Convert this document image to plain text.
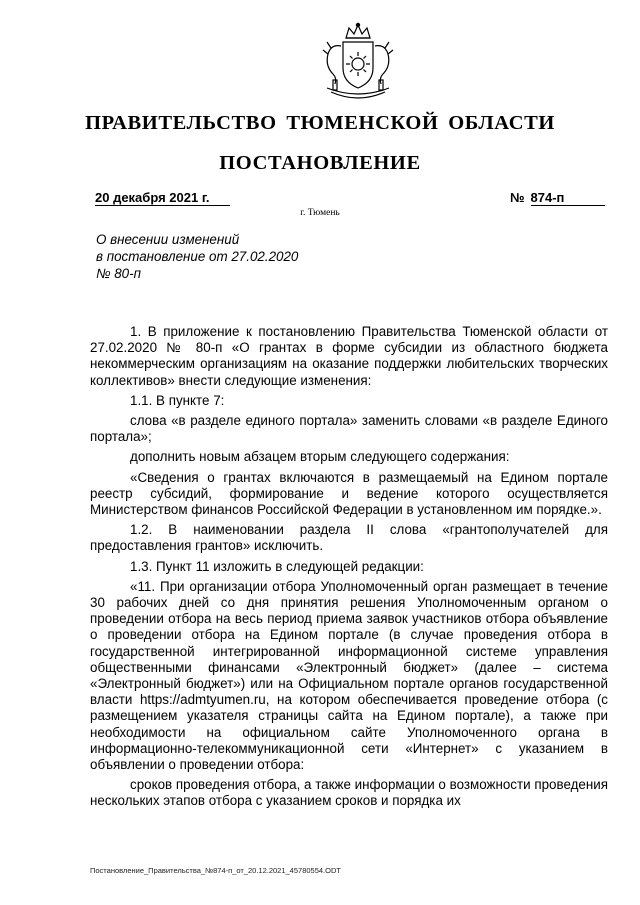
ПРАВИТЕЛЬСТВО ТЮМЕНСКОЙ ОБЛАСТИ
ПОСТАНОВЛЕНИЕ
20 декабря 2021 г.	№ 874-п
г. Тюмень
О внесении изменений
в постановление от 27.02.2020
№ 80-п

1. В приложение к постановлению Правительства Тюменской области от 27.02.2020 № 80-п «О грантах в форме субсидии из областного бюджета некоммерческим организациям на оказание поддержки любительских творческих коллективов» внести следующие изменения:

1.1. В пункте 7:

слова «в разделе единого портала» заменить словами «в разделе Единого портала»;

дополнить новым абзацем вторым следующего содержания:

«Сведения о грантах включаются в размещаемый на Едином портале реестр субсидий, формирование и ведение которого осуществляется Министерством финансов Российской Федерации в установленном им порядке.».

1.2. В наименовании раздела II слова «грантополучателей для предоставления грантов» исключить.

1.3. Пункт 11 изложить в следующей редакции:

«11. При организации отбора Уполномоченный орган размещает в течение 30 рабочих дней со дня принятия решения Уполномоченным органом о проведении отбора на весь период приема заявок участников отбора объявление о проведении отбора на Едином портале (в случае проведения отбора в государственной интегрированной информационной системе управления общественными финансами «Электронный бюджет» (далее – система «Электронный бюджет») или на Официальном портале органов государственной власти https://admtyumen.ru, на котором обеспечивается проведение отбора (с размещением указателя страницы сайта на Едином портале), а также при необходимости на официальном сайте Уполномоченного органа в информационно-телекоммуникационной сети «Интернет» с указанием в объявлении о проведении отбора:

сроков проведения отбора, а также информации о возможности проведения нескольких этапов отбора с указанием сроков и порядка их

Постановление_Правительства_№874-п_от_20.12.2021_45780554.ODT
